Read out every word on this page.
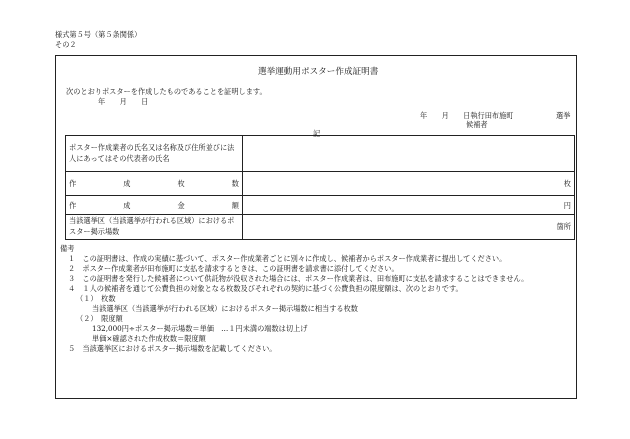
様式第５号（第５条関係）
その２
選挙運動用ポスター作成証明書
次のとおりポスターを作成したものであることを証明します。
年　　月　　日
年　　月　　日執行田布施町	選挙
候補者
記
ポスター作成業者の氏名又は名称及び住所並びに法人にあってはその代表者の氏名	

作 成 枚 数	枚

作 成 金 額	円
当該選挙区（当該選挙が行われる区域）におけるポスター掲示場数	箇所
備考
１　この証明書は、作成の実績に基づいて、ポスター作成業者ごとに別々に作成し、候補者からポスター作成業者に提出してください。
２　ポスター作成業者が田布施町に支払を請求するときは、この証明書を請求書に添付してください。
３　この証明書を発行した候補者について供託物が没収された場合には、ポスター作成業者は、田布施町に支払を請求することはできません。
４　１人の候補者を通じて公費負担の対象となる枚数及びそれぞれの契約に基づく公費負担の限度額は、次のとおりです。
（１）　枚数
当該選挙区（当該選挙が行われる区域）におけるポスター掲示場数に相当する枚数
（２）　限度額
132,000円÷ポスター掲示場数＝単価　…１円未満の端数は切上げ
単価×確認された作成枚数＝限度額
５　当該選挙区におけるポスター掲示場数を記載してください。
